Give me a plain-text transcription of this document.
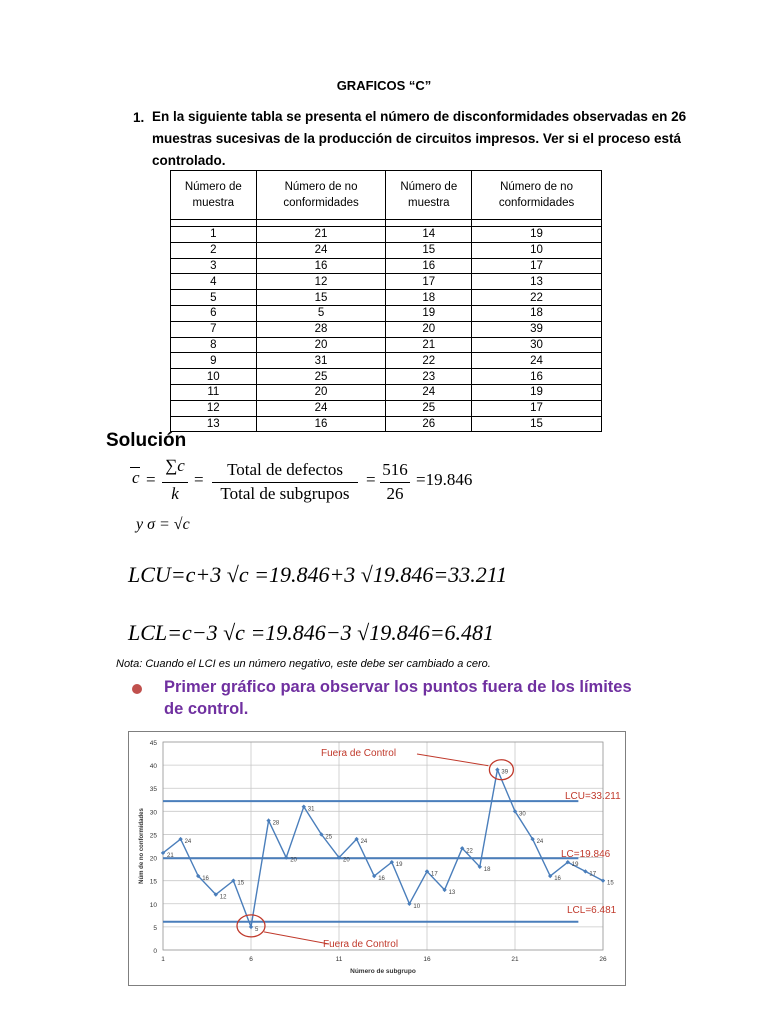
GRAFICOS “C”
1. En la siguiente tabla se presenta el número de disconformidades observadas en 26 muestras sucesivas de la producción de circuitos impresos. Ver si el proceso está controlado.
Número de muestra	Número de no conformidades	Número de muestra	Número de no conformidades

1	21	14	19
2	24	15	10
3	16	16	17
4	12	17	13
5	15	18	22
6	5	19	18
7	28	20	39
8	20	21	30
9	31	22	24
10	25	23	16
11	20	24	19
12	24	25	17
13	16	26	15
Solución
c =
∑c
k
=
Total de defectos
Total de subgrupos
=
516
26
=19.846
y σ = √c
LCU=c+3 √c =19.846+3 √19.846=33.211
LCL=c−3 √c =19.846−3 √19.846=6.481
Nota: Cuando el LCI es un número negativo, este debe ser cambiado a cero.
Primer gráfico para observar los puntos fuera de los límites de control.
0
5
10
15
20
25
30
35
40
45
1	6	11	16	21	26
21
24
16
12
15
5
28
20
31
25
20
24
16
19
10
17
13
22
18
39
30
24
16
19
17
15
LCU=33.211
LC=19.846
LCL=6.481
Fuera de Control
Fuera de Control
Número de subgrupo
Núm de no conformidades
